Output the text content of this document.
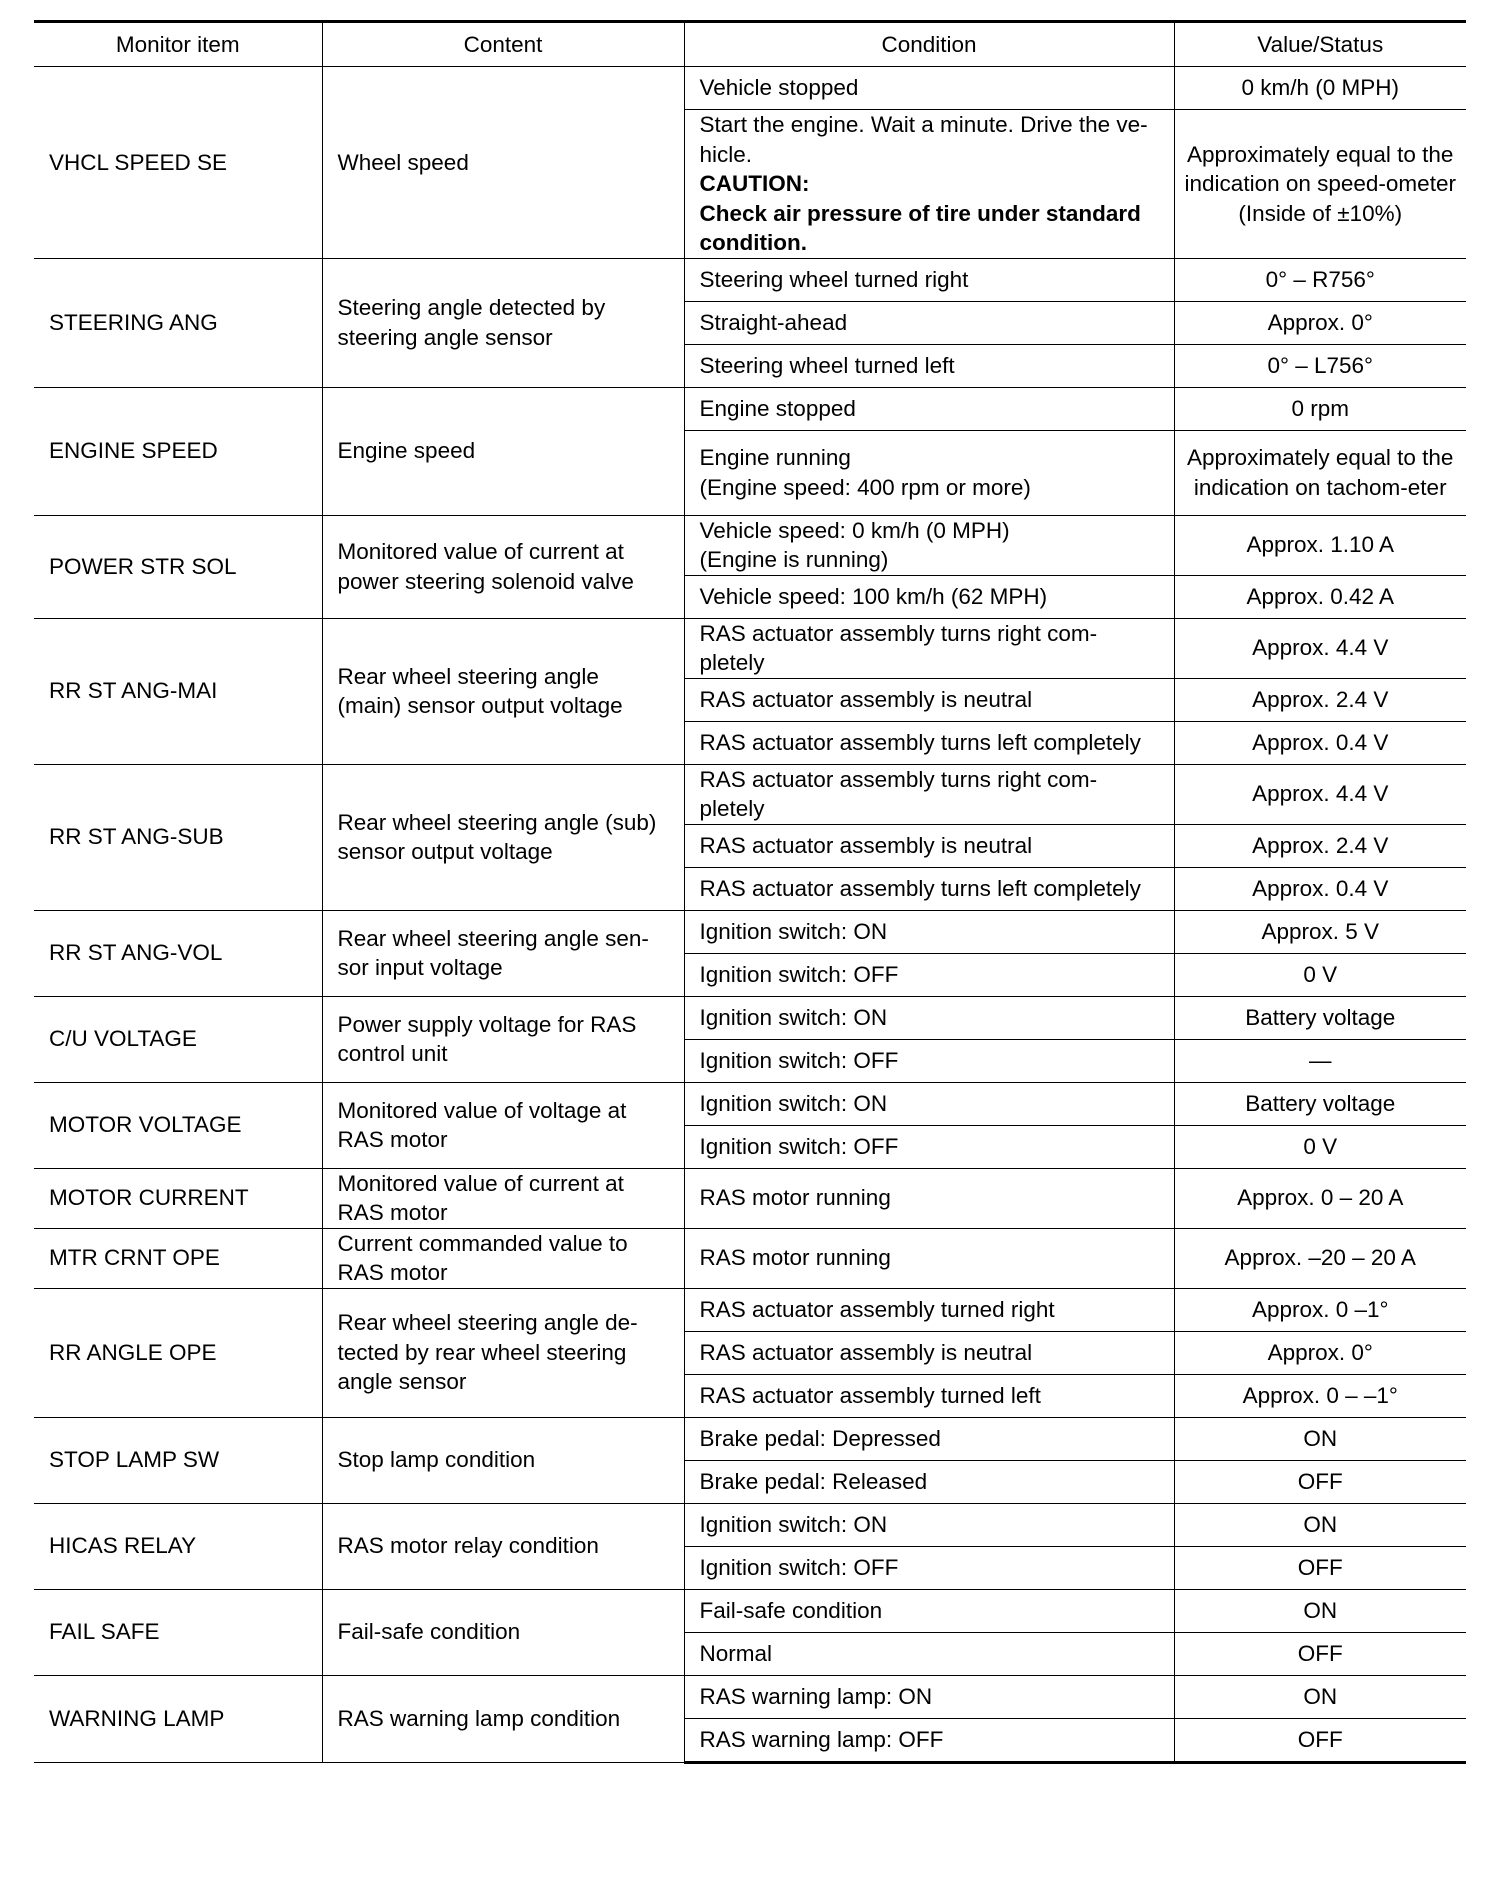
Monitor item	Content	Condition	Value/Status
VHCL SPEED SE	Wheel speed	Vehicle stopped	0 km/h (0 MPH)

		Start the engine. Wait a minute. Drive the ve-hicle.
CAUTION:
Check air pressure of tire under standard condition.	Approximately equal to the indication on speed-ometer (Inside of ±10%)
STEERING ANG	Steering angle detected by steering angle sensor	Steering wheel turned right	0° – R756°

		Straight-ahead	Approx. 0°

		Steering wheel turned left	0° – L756°
ENGINE SPEED	Engine speed	Engine stopped	0 rpm

		Engine running
(Engine speed: 400 rpm or more)	Approximately equal to the indication on tachom-eter
POWER STR SOL	Monitored value of current at power steering solenoid valve	Vehicle speed: 0 km/h (0 MPH)
(Engine is running)	Approx. 1.10 A

		Vehicle speed: 100 km/h (62 MPH)	Approx. 0.42 A
RR ST ANG-MAI	Rear wheel steering angle (main) sensor output voltage	RAS actuator assembly turns right com-pletely	Approx. 4.4 V

		RAS actuator assembly is neutral	Approx. 2.4 V

		RAS actuator assembly turns left completely	Approx. 0.4 V
RR ST ANG-SUB	Rear wheel steering angle (sub) sensor output voltage	RAS actuator assembly turns right com-pletely	Approx. 4.4 V

		RAS actuator assembly is neutral	Approx. 2.4 V

		RAS actuator assembly turns left completely	Approx. 0.4 V
RR ST ANG-VOL	Rear wheel steering angle sen-sor input voltage	Ignition switch: ON	Approx. 5 V

		Ignition switch: OFF	0 V
C/U VOLTAGE	Power supply voltage for RAS control unit	Ignition switch: ON	Battery voltage

		Ignition switch: OFF	—
MOTOR VOLTAGE	Monitored value of voltage at RAS motor	Ignition switch: ON	Battery voltage

		Ignition switch: OFF	0 V
MOTOR CURRENT	Monitored value of current at RAS motor	RAS motor running	Approx. 0 – 20 A
MTR CRNT OPE	Current commanded value to RAS motor	RAS motor running	Approx. –20 – 20 A
RR ANGLE OPE	Rear wheel steering angle de-tected by rear wheel steering angle sensor	RAS actuator assembly turned right	Approx. 0 –1°

		RAS actuator assembly is neutral	Approx. 0°

		RAS actuator assembly turned left	Approx. 0 – –1°
STOP LAMP SW	Stop lamp condition	Brake pedal: Depressed	ON

		Brake pedal: Released	OFF
HICAS RELAY	RAS motor relay condition	Ignition switch: ON	ON

		Ignition switch: OFF	OFF
FAIL SAFE	Fail-safe condition	Fail-safe condition	ON

		Normal	OFF
WARNING LAMP	RAS warning lamp condition	RAS warning lamp: ON	ON

		RAS warning lamp: OFF	OFF
